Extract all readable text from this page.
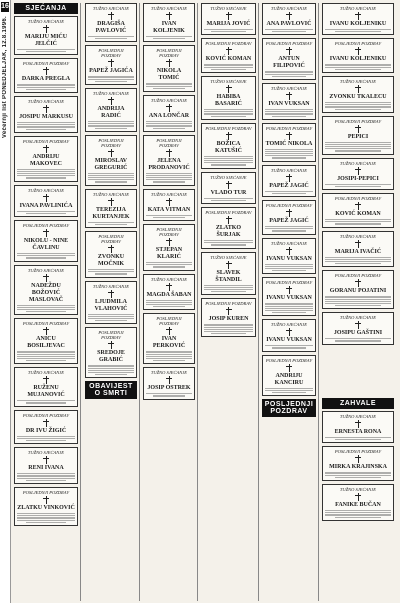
16
Večernji list PONEDJELJAK, 12.8.1996.
SJEĆANJA
TUŽNO SJEĆANJE
MARIJU MIĆU JELČIĆ
POSLJEDNJI POZDRAV
DARKA PREGLA
TUŽNO SJEĆANJE
JOSIPU MARKUSU
POSLJEDNJI POZDRAV
ANDRIJU MAKOVEC
TUŽNO SJEĆANJE
IVANA PAVLINIĆA
POSLJEDNJI POZDRAV
NIKOLU - NINE ČAVLINU
TUŽNO SJEĆANJE
NADEŽDU BOŽOVIĆ MASLOVAČ
POSLJEDNJI POZDRAV
ANICU BOSILJEVAC
TUŽNO SJEĆANJE
RUŽENU MUJANOVIĆ
POSLJEDNJI POZDRAV
DR IVU ŽIGIĆ
TUŽNO SJEĆANJE
RENI IVANA
POSLJEDNJI POZDRAV
ZLATKU VINKOVIĆ
TUŽNO SJEĆANJE
DRAGIŠA PAVLOVIĆ
POSLJEDNJI POZDRAV
PAPEŽ JAGIĆA
TUŽNO SJEĆANJE
ANDRIJA RADIĆ
POSLJEDNJI POZDRAV
MIROSLAV GREGURIĆ
TUŽNO SJEĆANJE
TEREZIJA KURTANJEK
POSLJEDNJI POZDRAV
ZVONKU MOČNIK
TUŽNO SJEĆANJE
LJUDMILA VLAHOVIĆ
POSLJEDNJI POZDRAV
SREDOJE GRABIĆ
OBAVIJEST O SMRTI
TUŽNO SJEĆANJE
IVAN KOLJENIK
POSLJEDNJI POZDRAV
NIKOLA TOMIĆ
TUŽNO SJEĆANJE
ANA LONČAR
POSLJEDNJI POZDRAV
JELENA PRODANOVIĆ
TUŽNO SJEĆANJE
KATA VITMAN
POSLJEDNJI POZDRAV
STJEPAN KLARIĆ
TUŽNO SJEĆANJE
MAGDA ŠABAN
POSLJEDNJI POZDRAV
IVAN PERKOVIĆ
TUŽNO SJEĆANJE
JOSIP OSTREK
TUŽNO SJEĆANJE
MARIJA JOVIĆ
POSLJEDNJI POZDRAV
KOVIĆ KOMAN
TUŽNO SJEĆANJE
HABIBA BASARIĆ
POSLJEDNJI POZDRAV
BOŽICA KATUŠIĆ
TUŽNO SJEĆANJE
VLADO TUR
POSLJEDNJI POZDRAV
ZLATKO ŠURJAK
TUŽNO SJEĆANJE
SLAVEK ŠTANDIL
POSLJEDNJI POZDRAV
JOSIP KUREN
TUŽNO SJEĆANJE
ANA PAVLOVIĆ
POSLJEDNJI POZDRAV
ANTUN FILIPOVIĆ
TUŽNO SJEĆANJE
IVAN VUKSAN
POSLJEDNJI POZDRAV
TOMIĆ NIKOLA
TUŽNO SJEĆANJE
PAPEŽ JAGIĆ
POSLJEDNJI POZDRAV
PAPEŽ JAGIĆ
TUŽNO SJEĆANJE
IVANU VUKSAN
POSLJEDNJI POZDRAV
IVANU VUKSAN
TUŽNO SJEĆANJE
IVANU VUKSAN
POSLJEDNJI POZDRAV
ANDRIJU KANCIRU
POSLJEDNJI POZDRAV
TUŽNO SJEĆANJE
IVANU KOLJENIKU
POSLJEDNJI POZDRAV
IVANU KOLJENIKU
TUŽNO SJEĆANJE
ZVONKU TKALECU
POSLJEDNJI POZDRAV
PEPICI
TUŽNO SJEĆANJE
JOSIPI-PEPICI
POSLJEDNJI POZDRAV
KOVIĆ KOMAN
TUŽNO SJEĆANJE
MARIJA IVAČIĆ
POSLJEDNJI POZDRAV
GORANU POJATINI
TUŽNO SJEĆANJE
JOSIPU GAŠTINI
ZAHVALE
TUŽNO SJEĆANJE
ERNESTA RONA
POSLJEDNJI POZDRAV
MIRKA KRAJINSKA
TUŽNO SJEĆANJE
FANIKE BUČAN
